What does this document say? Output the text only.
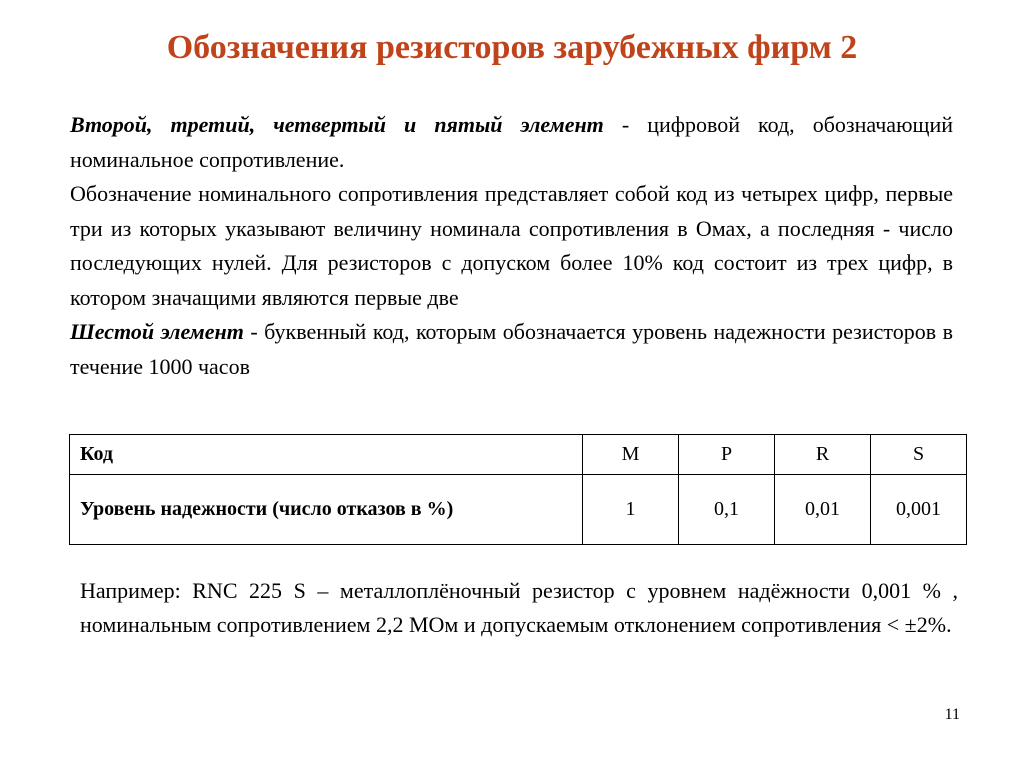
Обозначения резисторов зарубежных фирм 2

Второй, третий, четвертый и пятый элемент - цифровой код, обозначающий номинальное сопротивление.

Обозначение номинального сопротивления представляет собой код из четырех цифр, первые три из которых указывают величину номинала сопротивления в Омах, а последняя - число последующих нулей. Для резисторов с допуском более 10% код состоит из трех цифр, в котором значащими являются первые две

Шестой элемент - буквенный код, которым обозначается уровень надежности резисторов в течение 1000 часов

Код	M	P	R	S
Уровень надежности (число отказов в %)	1	0,1	0,01	0,001

Например: RNC 225 S – металлоплёночный резистор с уровнем надёжности 0,001 % , номинальным сопротивлением 2,2 МОм и допускаемым отклонением сопротивления < ±2%.

11
